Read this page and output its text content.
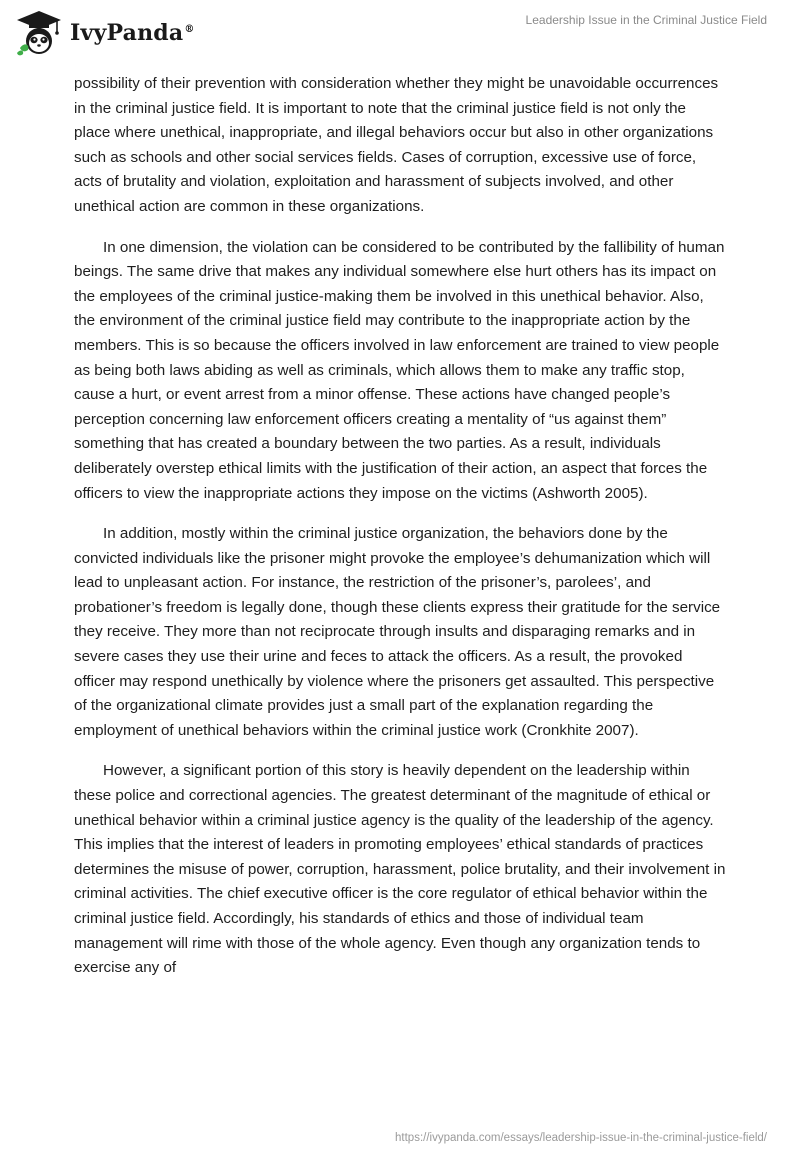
IvyPanda®
Leadership Issue in the Criminal Justice Field

possibility of their prevention with consideration whether they might be unavoidable occurrences in the criminal justice field. It is important to note that the criminal justice field is not only the place where unethical, inappropriate, and illegal behaviors occur but also in other organizations such as schools and other social services fields. Cases of corruption, excessive use of force, acts of brutality and violation, exploitation and harassment of subjects involved, and other unethical action are common in these organizations.

In one dimension, the violation can be considered to be contributed by the fallibility of human beings. The same drive that makes any individual somewhere else hurt others has its impact on the employees of the criminal justice-making them be involved in this unethical behavior. Also, the environment of the criminal justice field may contribute to the inappropriate action by the members. This is so because the officers involved in law enforcement are trained to view people as being both laws abiding as well as criminals, which allows them to make any traffic stop, cause a hurt, or event arrest from a minor offense. These actions have changed people’s perception concerning law enforcement officers creating a mentality of “us against them” something that has created a boundary between the two parties. As a result, individuals deliberately overstep ethical limits with the justification of their action, an aspect that forces the officers to view the inappropriate actions they impose on the victims (Ashworth 2005).

In addition, mostly within the criminal justice organization, the behaviors done by the convicted individuals like the prisoner might provoke the employee’s dehumanization which will lead to unpleasant action. For instance, the restriction of the prisoner’s, parolees’, and probationer’s freedom is legally done, though these clients express their gratitude for the service they receive. They more than not reciprocate through insults and disparaging remarks and in severe cases they use their urine and feces to attack the officers. As a result, the provoked officer may respond unethically by violence where the prisoners get assaulted. This perspective of the organizational climate provides just a small part of the explanation regarding the employment of unethical behaviors within the criminal justice work (Cronkhite 2007).

However, a significant portion of this story is heavily dependent on the leadership within these police and correctional agencies. The greatest determinant of the magnitude of ethical or unethical behavior within a criminal justice agency is the quality of the leadership of the agency. This implies that the interest of leaders in promoting employees’ ethical standards of practices determines the misuse of power, corruption, harassment, police brutality, and their involvement in criminal activities. The chief executive officer is the core regulator of ethical behavior within the criminal justice field. Accordingly, his standards of ethics and those of individual team management will rime with those of the whole agency. Even though any organization tends to exercise any of

https://ivypanda.com/essays/leadership-issue-in-the-criminal-justice-field/
